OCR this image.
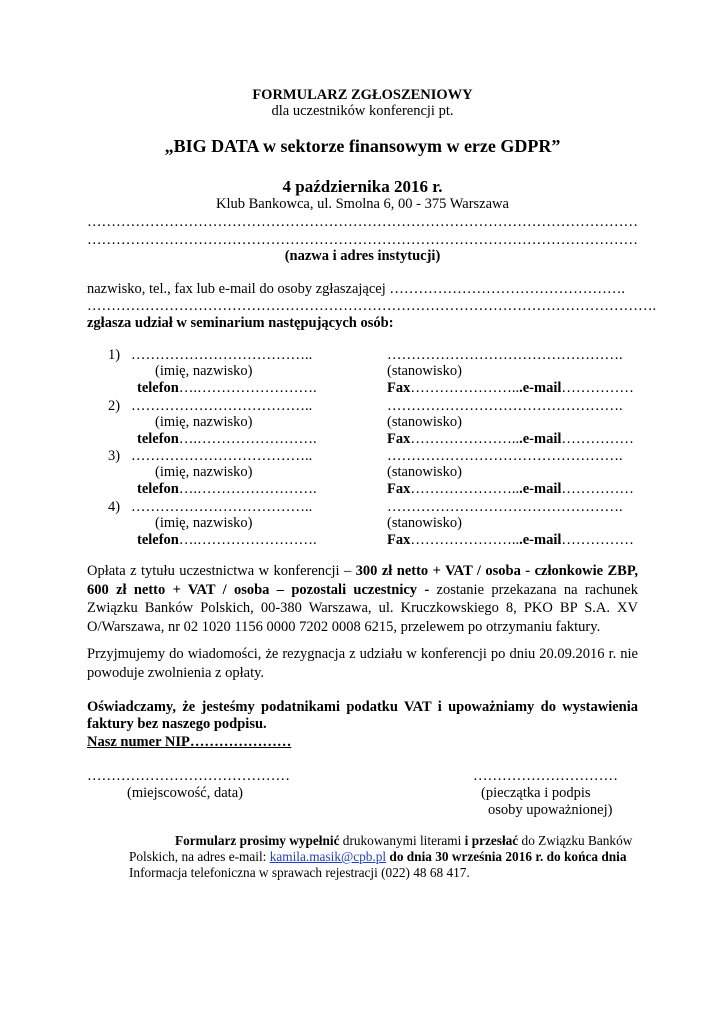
FORMULARZ ZGŁOSZENIOWY
dla uczestników konferencji pt.
„BIG DATA w sektorze finansowym w erze GDPR”
4 października 2016 r.
Klub Bankowca, ul. Smolna 6, 00 - 375 Warszawa
……………………………………………………………………………………………………
……………………………………………………………………………………………………
(nazwa i adres instytucji)
nazwisko, tel., fax lub e-mail do osoby zgłaszającej ………………………………………….
……………………………………………………………………………………………………….
zgłasza udział w seminarium następujących osób:
1) ………………………………..	………………………………………….
(imię, nazwisko)	(stanowisko)
telefon….…………………….	Fax…………………...e-mail……………
2) ………………………………..	………………………………………….
(imię, nazwisko)	(stanowisko)
telefon….…………………….	Fax…………………...e-mail……………
3) ………………………………..	………………………………………….
(imię, nazwisko)	(stanowisko)
telefon….…………………….	Fax…………………...e-mail……………
4) ………………………………..	………………………………………….
(imię, nazwisko)	(stanowisko)
telefon….…………………….	Fax…………………...e-mail……………
Opłata z tytułu uczestnictwa w konferencji – 300 zł netto + VAT / osoba - członkowie ZBP, 600 zł netto + VAT / osoba – pozostali uczestnicy - zostanie przekazana na rachunek Związku Banków Polskich, 00-380 Warszawa, ul. Kruczkowskiego 8, PKO BP S.A. XV O/Warszawa, nr 02 1020 1156 0000 7202 0008 6215, przelewem po otrzymaniu faktury.
Przyjmujemy do wiadomości, że rezygnacja z udziału w konferencji po dniu 20.09.2016 r. nie powoduje zwolnienia z opłaty.
Oświadczamy, że jesteśmy podatnikami podatku VAT i upoważniamy do wystawienia faktury bez naszego podpisu.
Nasz numer NIP…………………
……………………………………
(miejscowość, data)
…………………………
(pieczątka i podpis
osoby upoważnionej)
Formularz prosimy wypełnić drukowanymi literami i przesłać do Związku Banków
Polskich, na adres e-mail: kamila.masik@cpb.pl do dnia 30 września 2016 r. do końca dnia
Informacja telefoniczna w sprawach rejestracji (022) 48 68 417.
